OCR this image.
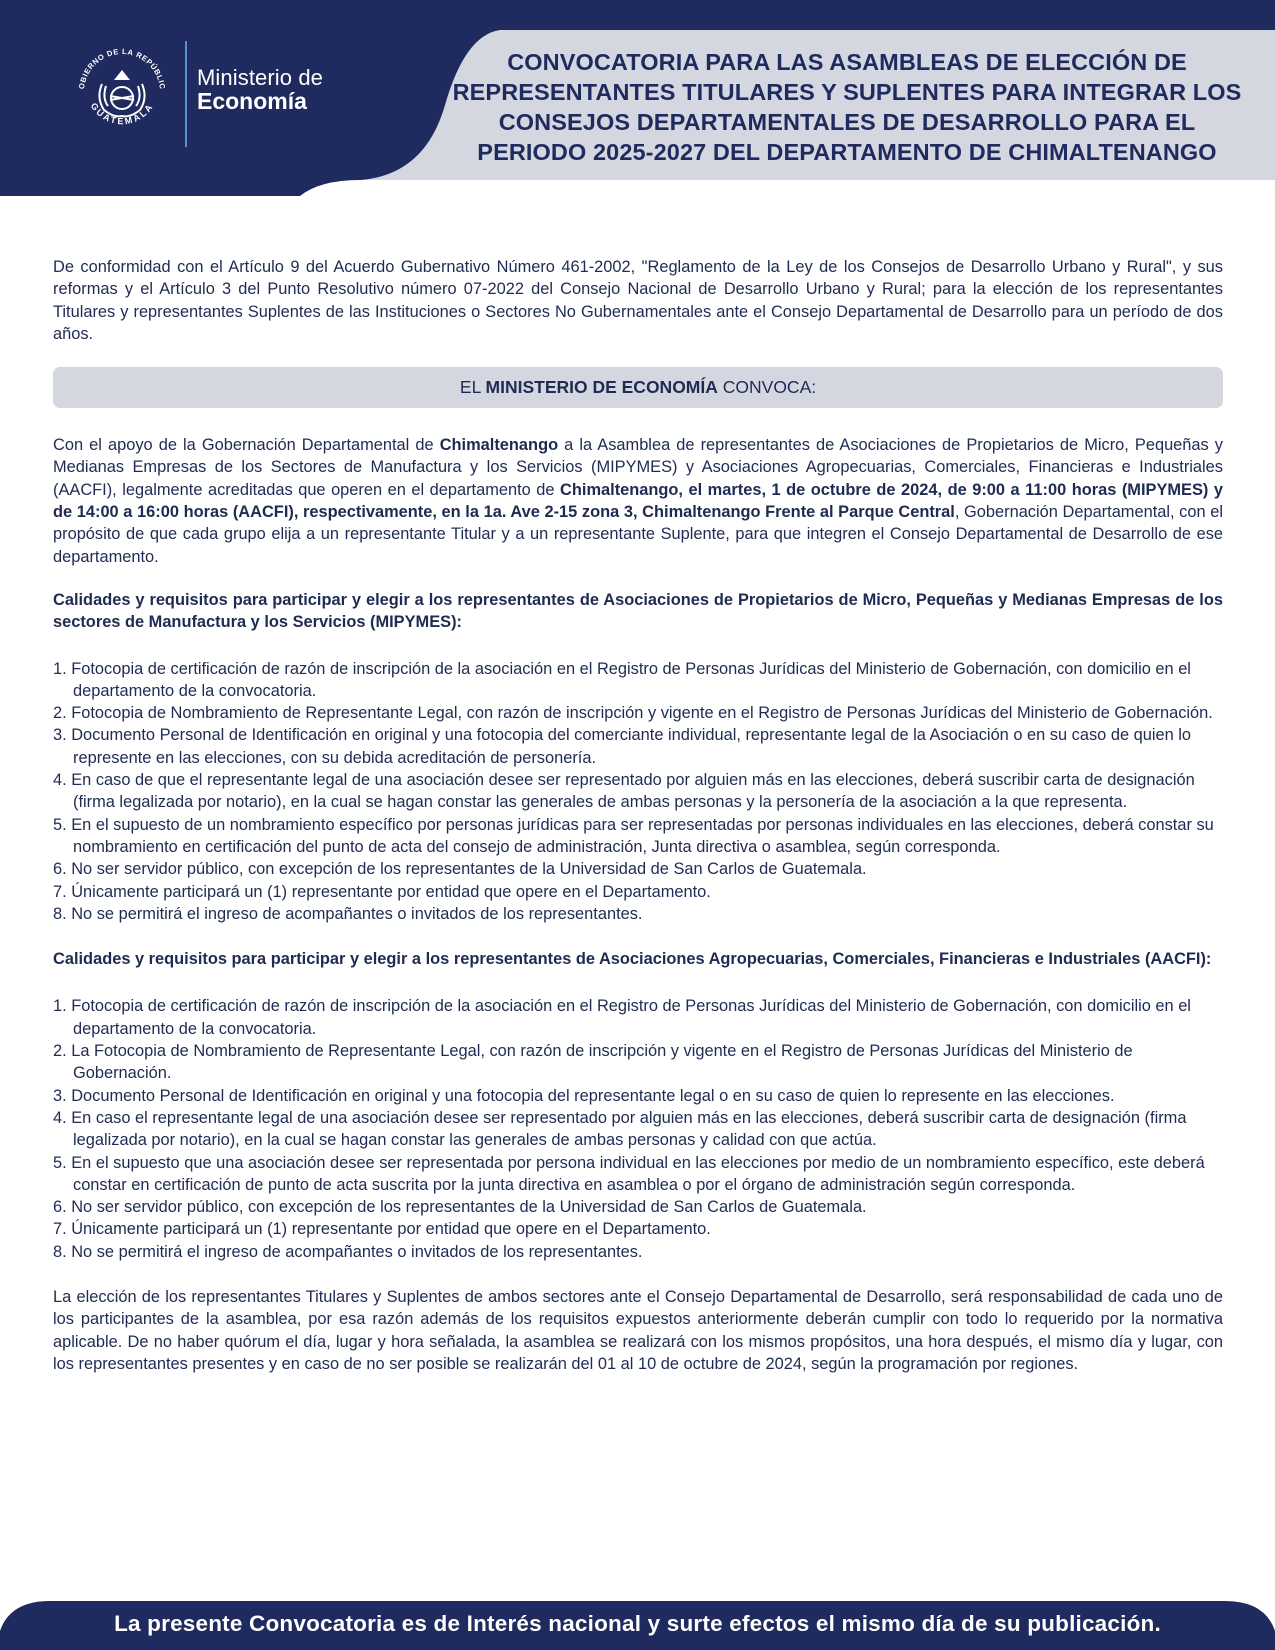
OBIERNO DE LA REPÚBLIC
GUATEMALA
Ministerio de
Economía
CONVOCATORIA PARA LAS ASAMBLEAS DE ELECCIÓN DE REPRESENTANTES TITULARES Y SUPLENTES PARA INTEGRAR LOS CONSEJOS DEPARTAMENTALES DE DESARROLLO PARA EL PERIODO 2025-2027 DEL DEPARTAMENTO DE CHIMALTENANGO

De conformidad con el Artículo 9 del Acuerdo Gubernativo Número 461-2002, "Reglamento de la Ley de los Consejos de Desarrollo Urbano y Rural", y sus reformas y el Artículo 3 del Punto Resolutivo número 07-2022 del Consejo Nacional de Desarrollo Urbano y Rural; para la elección de los representantes Titulares y representantes Suplentes de las Instituciones o Sectores No Gubernamentales ante el Consejo Departamental de Desarrollo para un período de dos años.

EL MINISTERIO DE ECONOMÍA CONVOCA:

Con el apoyo de la Gobernación Departamental de Chimaltenango a la Asamblea de representantes de Asociaciones de Propietarios de Micro, Pequeñas y Medianas Empresas de los Sectores de Manufactura y los Servicios (MIPYMES) y Asociaciones Agropecuarias, Comerciales, Financieras e Industriales (AACFI), legalmente acreditadas que operen en el departamento de Chimaltenango, el martes, 1 de octubre de 2024, de 9:00 a 11:00 horas (MIPYMES) y de 14:00 a 16:00 horas (AACFI), respectivamente, en la 1a. Ave 2-15 zona 3, Chimaltenango Frente al Parque Central, Gobernación Departamental, con el propósito de que cada grupo elija a un representante Titular y a un representante Suplente, para que integren el Consejo Departamental de Desarrollo de ese departamento.

Calidades y requisitos para participar y elegir a los representantes de Asociaciones de Propietarios de Micro, Pequeñas y Medianas Empresas de los sectores de Manufactura y los Servicios (MIPYMES):

1. Fotocopia de certificación de razón de inscripción de la asociación en el Registro de Personas Jurídicas del Ministerio de Gobernación, con domicilio en el departamento de la convocatoria.
2. Fotocopia de Nombramiento de Representante Legal, con razón de inscripción y vigente en el Registro de Personas Jurídicas del Ministerio de Gobernación.
3. Documento Personal de Identificación en original y una fotocopia del comerciante individual, representante legal de la Asociación o en su caso de quien lo represente en las elecciones, con su debida acreditación de personería.
4. En caso de que el representante legal de una asociación desee ser representado por alguien más en las elecciones, deberá suscribir carta de designación (firma legalizada por notario), en la cual se hagan constar las generales de ambas personas y la personería de la asociación a la que representa.
5. En el supuesto de un nombramiento específico por personas jurídicas para ser representadas por personas individuales en las elecciones, deberá constar su nombramiento en certificación del punto de acta del consejo de administración, Junta directiva o asamblea, según corresponda.
6. No ser servidor público, con excepción de los representantes de la Universidad de San Carlos de Guatemala.
7. Únicamente participará un (1) representante por entidad que opere en el Departamento.
8. No se permitirá el ingreso de acompañantes o invitados de los representantes.

Calidades y requisitos para participar y elegir a los representantes de Asociaciones Agropecuarias, Comerciales, Financieras e Industriales (AACFI):

1. Fotocopia de certificación de razón de inscripción de la asociación en el Registro de Personas Jurídicas del Ministerio de Gobernación, con domicilio en el departamento de la convocatoria.
2. La Fotocopia de Nombramiento de Representante Legal, con razón de inscripción y vigente en el Registro de Personas Jurídicas del Ministerio de Gobernación.
3. Documento Personal de Identificación en original y una fotocopia del representante legal o en su caso de quien lo represente en las elecciones.
4. En caso el representante legal de una asociación desee ser representado por alguien más en las elecciones, deberá suscribir carta de designación (firma legalizada por notario), en la cual se hagan constar las generales de ambas personas y calidad con que actúa.
5. En el supuesto que una asociación desee ser representada por persona individual en las elecciones por medio de un nombramiento específico, este deberá constar en certificación de punto de acta suscrita por la junta directiva en asamblea o por el órgano de administración según corresponda.
6. No ser servidor público, con excepción de los representantes de la Universidad de San Carlos de Guatemala.
7. Únicamente participará un (1) representante por entidad que opere en el Departamento.
8. No se permitirá el ingreso de acompañantes o invitados de los representantes.

La elección de los representantes Titulares y Suplentes de ambos sectores ante el Consejo Departamental de Desarrollo, será responsabilidad de cada uno de los participantes de la asamblea, por esa razón además de los requisitos expuestos anteriormente deberán cumplir con todo lo requerido por la normativa aplicable. De no haber quórum el día, lugar y hora señalada, la asamblea se realizará con los mismos propósitos, una hora después, el mismo día y lugar, con los representantes presentes y en caso de no ser posible se realizarán del 01 al 10 de octubre de 2024, según la programación por regiones.

La presente Convocatoria es de Interés nacional y surte efectos el mismo día de su publicación.
